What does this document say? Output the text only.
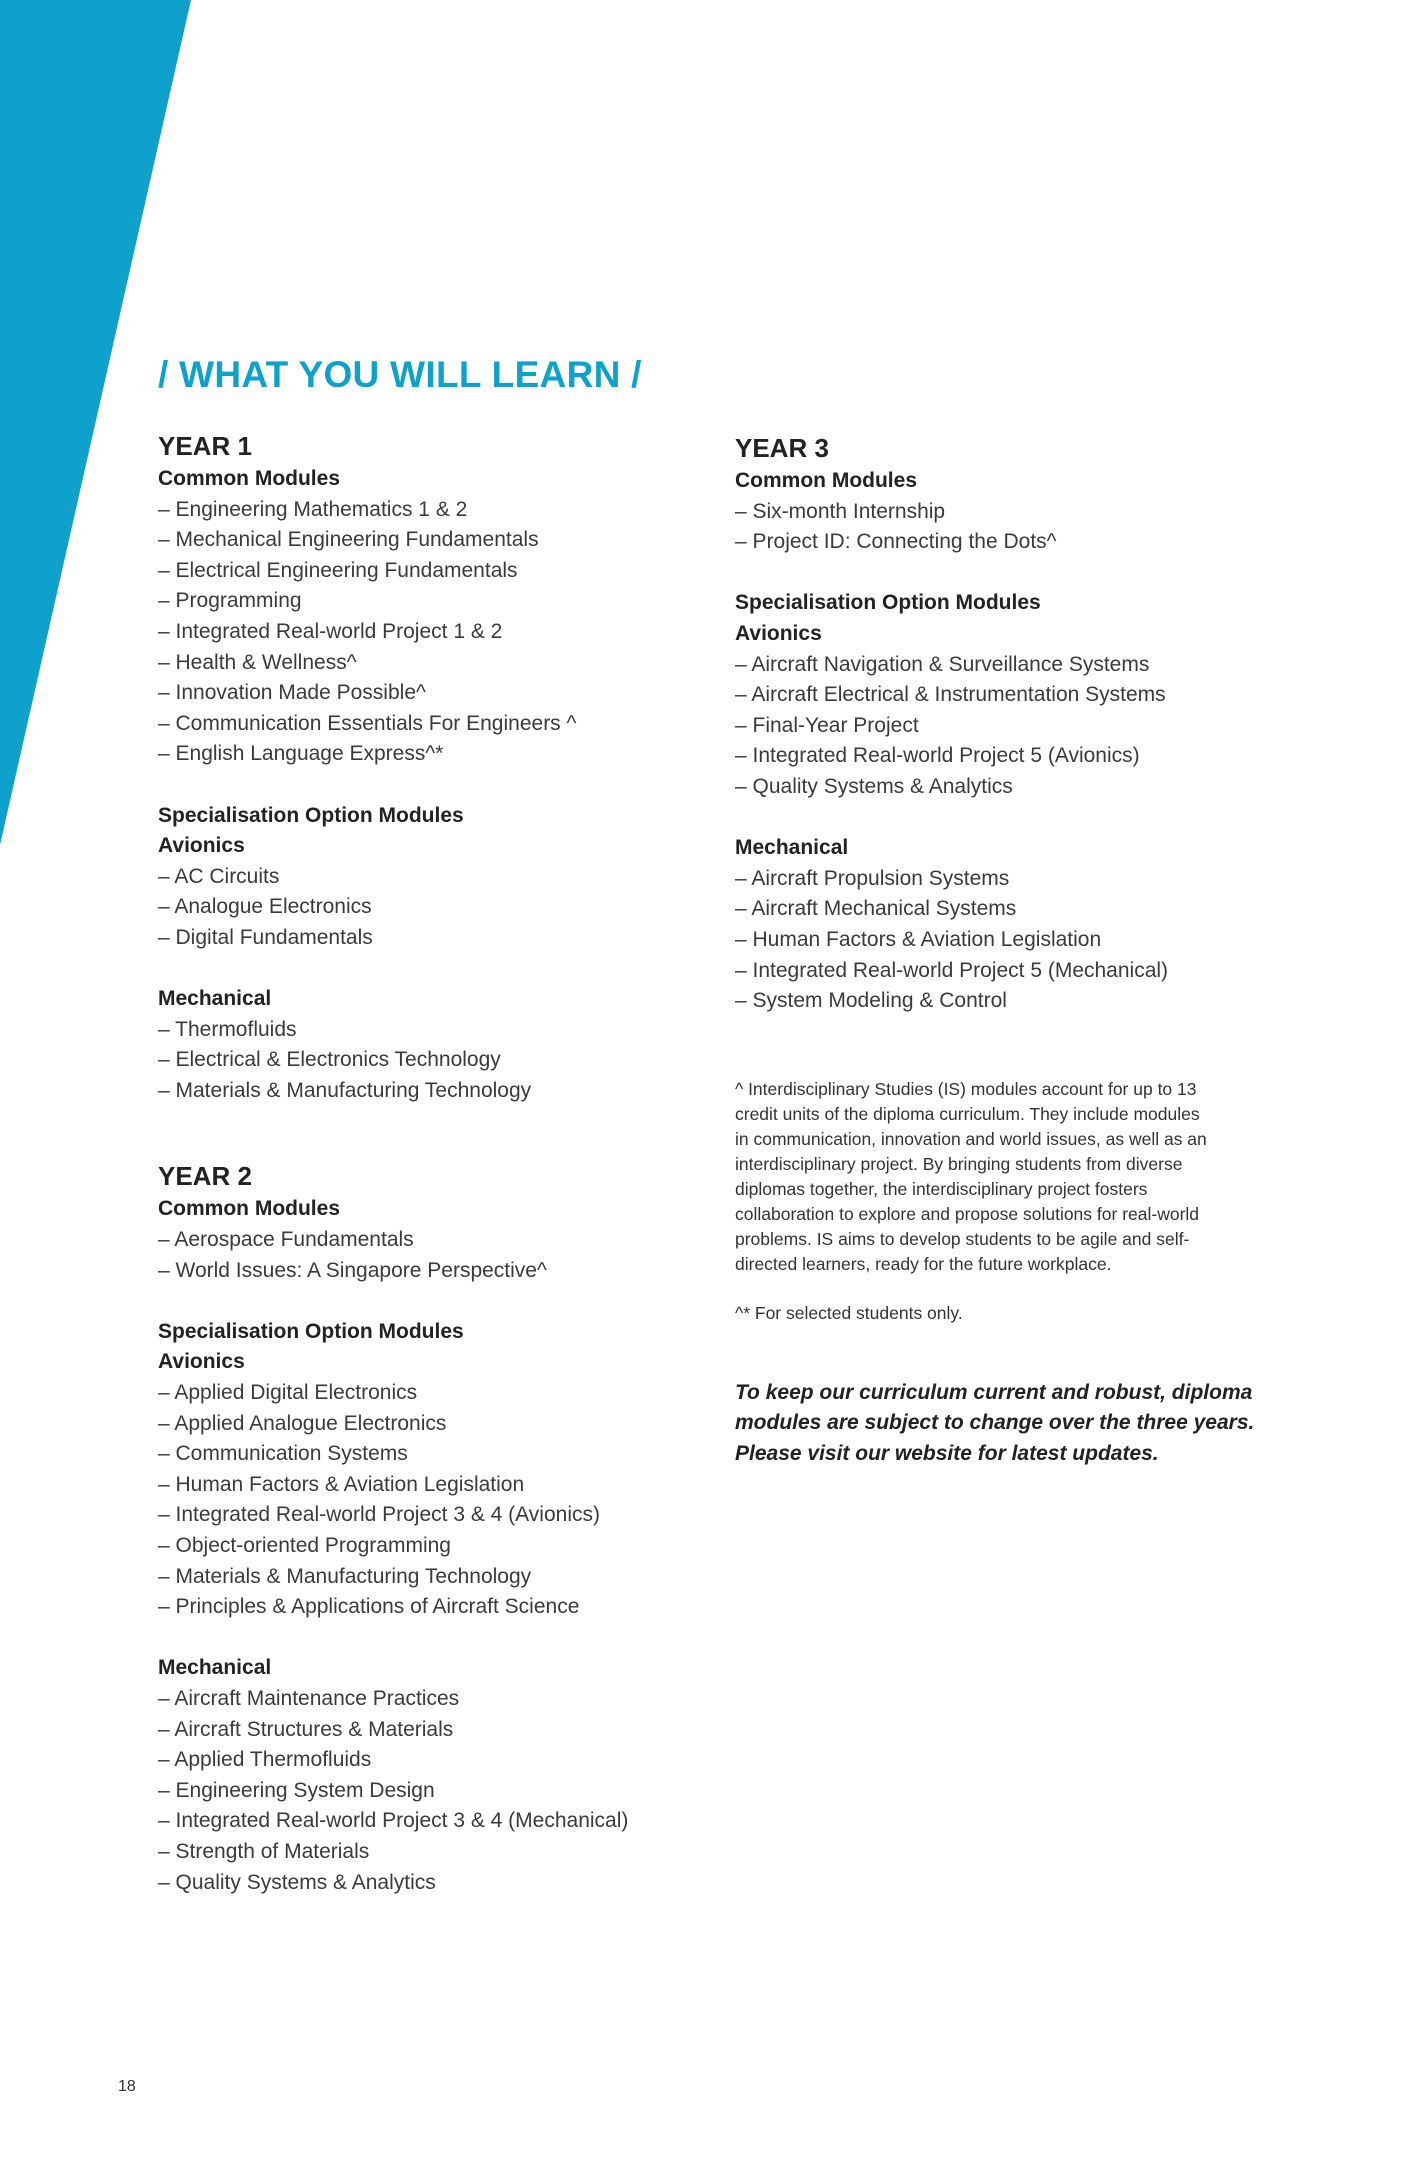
/ WHAT YOU WILL LEARN /
YEAR 1
Common Modules
– Engineering Mathematics 1 & 2
– Mechanical Engineering Fundamentals
– Electrical Engineering Fundamentals
– Programming
– Integrated Real-world Project 1 & 2
– Health & Wellness^
– Innovation Made Possible^
– Communication Essentials For Engineers ^
– English Language Express^*
Specialisation Option Modules
Avionics
– AC Circuits
– Analogue Electronics
– Digital Fundamentals
Mechanical
– Thermofluids
– Electrical & Electronics Technology
– Materials & Manufacturing Technology
YEAR 2
Common Modules
– Aerospace Fundamentals
– World Issues: A Singapore Perspective^
Specialisation Option Modules
Avionics
– Applied Digital Electronics
– Applied Analogue Electronics
– Communication Systems
– Human Factors & Aviation Legislation
– Integrated Real-world Project 3 & 4 (Avionics)
– Object-oriented Programming
– Materials & Manufacturing Technology
– Principles & Applications of Aircraft Science
Mechanical
– Aircraft Maintenance Practices
– Aircraft Structures & Materials
– Applied Thermofluids
– Engineering System Design
– Integrated Real-world Project 3 & 4 (Mechanical)
– Strength of Materials
– Quality Systems & Analytics
YEAR 3
Common Modules
– Six-month Internship
– Project ID: Connecting the Dots^
Specialisation Option Modules
Avionics
– Aircraft Navigation & Surveillance Systems
– Aircraft Electrical & Instrumentation Systems
– Final-Year Project
– Integrated Real-world Project 5 (Avionics)
– Quality Systems & Analytics
Mechanical
– Aircraft Propulsion Systems
– Aircraft Mechanical Systems
– Human Factors & Aviation Legislation
– Integrated Real-world Project 5 (Mechanical)
– System Modeling & Control

^ Interdisciplinary Studies (IS) modules account for up to 13

credit units of the diploma curriculum. They include modules

in communication, innovation and world issues, as well as an

interdisciplinary project. By bringing students from diverse

diplomas together, the interdisciplinary project fosters

collaboration to explore and propose solutions for real-world

problems. IS aims to develop students to be agile and self-

directed learners, ready for the future workplace.

^* For selected students only.

To keep our curriculum current and robust, diploma

modules are subject to change over the three years.

Please visit our website for latest updates.

18
